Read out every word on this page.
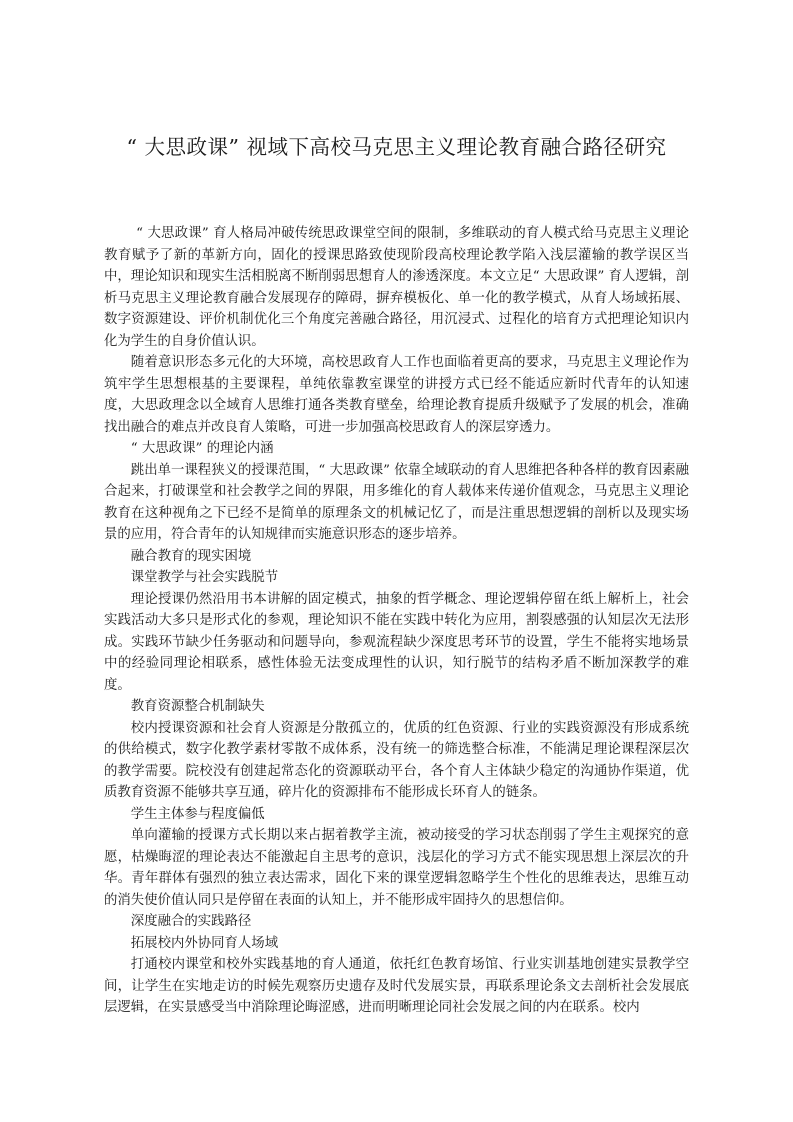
“ 大思政课” 视域下高校马克思主义理论教育融合路径研究

“ 大思政课” 育人格局冲破传统思政课堂空间的限制，多维联动的育人模式给马克思主义理论教育赋予了新的革新方向，固化的授课思路致使现阶段高校理论教学陷入浅层灌输的教学误区当中，理论知识和现实生活相脱离不断削弱思想育人的渗透深度。本文立足“ 大思政课” 育人逻辑，剖析马克思主义理论教育融合发展现存的障碍，摒弃模板化、单一化的教学模式，从育人场域拓展、数字资源建设、评价机制优化三个角度完善融合路径，用沉浸式、过程化的培育方式把理论知识内化为学生的自身价值认识。

随着意识形态多元化的大环境，高校思政育人工作也面临着更高的要求，马克思主义理论作为筑牢学生思想根基的主要课程，单纯依靠教室课堂的讲授方式已经不能适应新时代青年的认知速度，大思政理念以全域育人思维打通各类教育壁垒，给理论教育提质升级赋予了发展的机会，准确找出融合的难点并改良育人策略，可进一步加强高校思政育人的深层穿透力。

“ 大思政课” 的理论内涵

跳出单一课程狭义的授课范围，“ 大思政课” 依靠全域联动的育人思维把各种各样的教育因素融合起来，打破课堂和社会教学之间的界限，用多维化的育人载体来传递价值观念，马克思主义理论教育在这种视角之下已经不是简单的原理条文的机械记忆了，而是注重思想逻辑的剖析以及现实场景的应用，符合青年的认知规律而实施意识形态的逐步培养。

融合教育的现实困境

课堂教学与社会实践脱节

理论授课仍然沿用书本讲解的固定模式，抽象的哲学概念、理论逻辑停留在纸上解析上，社会实践活动大多只是形式化的参观，理论知识不能在实践中转化为应用，割裂感强的认知层次无法形成。实践环节缺少任务驱动和问题导向，参观流程缺少深度思考环节的设置，学生不能将实地场景中的经验同理论相联系，感性体验无法变成理性的认识，知行脱节的结构矛盾不断加深教学的难度。

教育资源整合机制缺失

校内授课资源和社会育人资源是分散孤立的，优质的红色资源、行业的实践资源没有形成系统的供给模式，数字化教学素材零散不成体系，没有统一的筛选整合标准，不能满足理论课程深层次的教学需要。院校没有创建起常态化的资源联动平台，各个育人主体缺少稳定的沟通协作渠道，优质教育资源不能够共享互通，碎片化的资源排布不能形成长环育人的链条。

学生主体参与程度偏低

单向灌输的授课方式长期以来占据着教学主流，被动接受的学习状态削弱了学生主观探究的意愿，枯燥晦涩的理论表达不能激起自主思考的意识，浅层化的学习方式不能实现思想上深层次的升华。青年群体有强烈的独立表达需求，固化下来的课堂逻辑忽略学生个性化的思维表达，思维互动的消失使价值认同只是停留在表面的认知上，并不能形成牢固持久的思想信仰。

深度融合的实践路径

拓展校内外协同育人场域

打通校内课堂和校外实践基地的育人通道，依托红色教育场馆、行业实训基地创建实景教学空间，让学生在实地走访的时候先观察历史遗存及时代发展实景，再联系理论条文去剖析社会发展底层逻辑，在实景感受当中消除理论晦涩感，进而明晰理论同社会发展之间的内在联系。校内
